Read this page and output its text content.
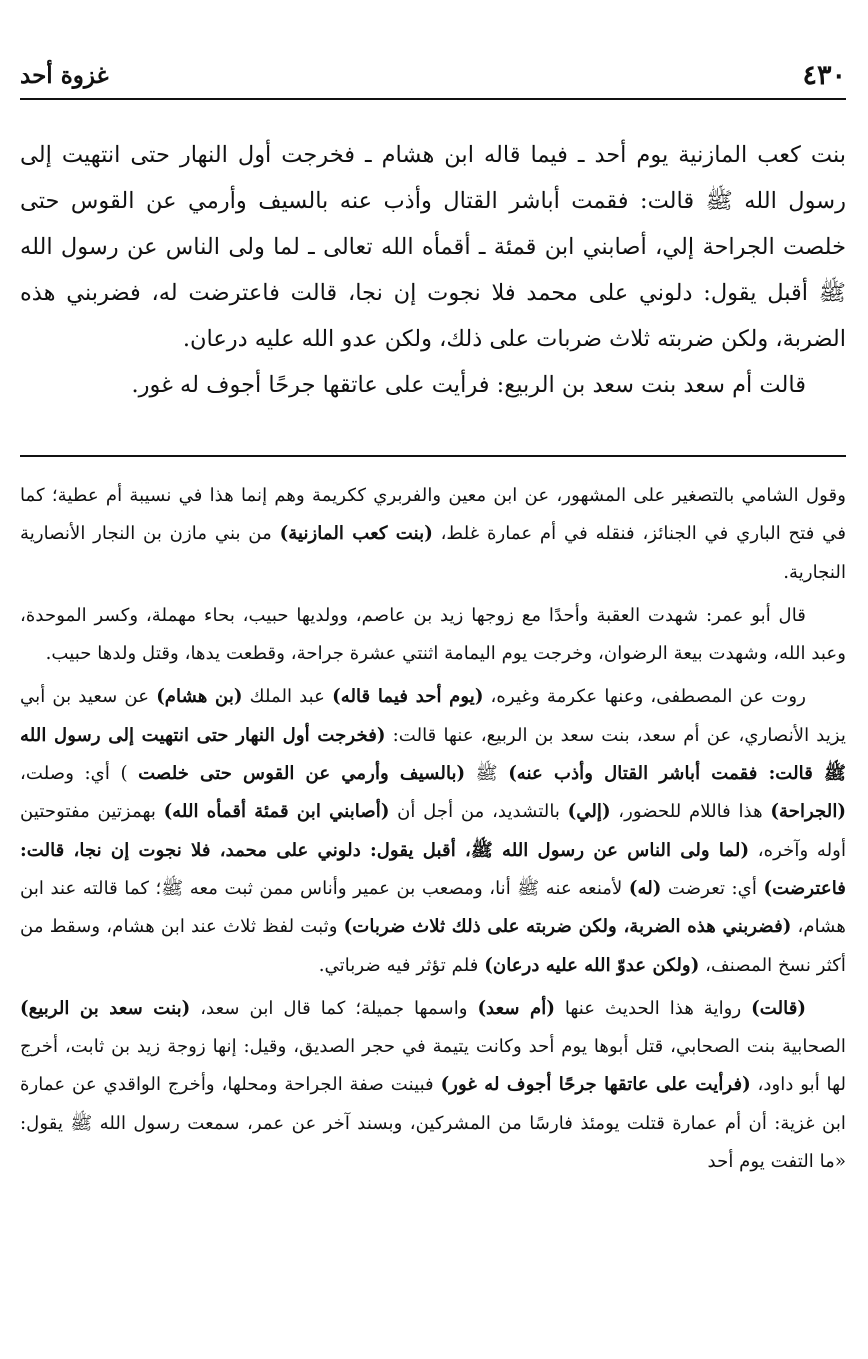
٤٣٠
غزوة أحد

بنت كعب المازنية يوم أحد ـ فيما قاله ابن هشام ـ فخرجت أول النهار حتى انتهيت إلى رسول الله ﷺ قالت: فقمت أباشر القتال وأذب عنه بالسيف وأرمي عن القوس حتى خلصت الجراحة إلي، أصابني ابن قمئة ـ أقمأه الله تعالى ـ لما ولى الناس عن رسول الله ﷺ أقبل يقول: دلوني على محمد فلا نجوت إن نجا، قالت فاعترضت له، فضربني هذه الضربة، ولكن ضربته ثلاث ضربات على ذلك، ولكن عدو الله عليه درعان.

قالت أم سعد بنت سعد بن الربيع: فرأيت على عاتقها جرحًا أجوف له غور.

وقول الشامي بالتصغير على المشهور، عن ابن معين والفربري ككريمة وهم إنما هذا في نسيبة أم عطية؛ كما في فتح الباري في الجنائز، فنقله في أم عمارة غلط، (بنت كعب المازنية) من بني مازن بن النجار الأنصارية النجارية.

قال أبو عمر: شهدت العقبة وأحدًا مع زوجها زيد بن عاصم، وولديها حبيب، بحاء مهملة، وكسر الموحدة، وعبد الله، وشهدت بيعة الرضوان، وخرجت يوم اليمامة اثنتي عشرة جراحة، وقطعت يدها، وقتل ولدها حبيب.

روت عن المصطفى، وعنها عكرمة وغيره، (يوم أحد فيما قاله) عبد الملك (بن هشام) عن سعيد بن أبي يزيد الأنصاري، عن أم سعد، بنت سعد بن الربيع، عنها قالت: (فخرجت أول النهار حتى انتهيت إلى رسول الله ﷺ قالت: فقمت أباشر القتال وأذب عنه) ﷺ (بالسيف وأرمي عن القوس حتى خلصت ) أي: وصلت، (الجراحة) هذا فاللام للحضور، (إلي) بالتشديد، من أجل أن (أصابني ابن قمئة أقمأه الله) بهمزتين مفتوحتين أوله وآخره، (لما ولى الناس عن رسول الله ﷺ، أقبل يقول: دلوني على محمد، فلا نجوت إن نجا، قالت: فاعترضت) أي: تعرضت (له) لأمنعه عنه ﷺ أنا، ومصعب بن عمير وأناس ممن ثبت معه ﷺ؛ كما قالته عند ابن هشام، (فضربني هذه الضربة، ولكن ضربته على ذلك ثلاث ضربات) وثبت لفظ ثلاث عند ابن هشام، وسقط من أكثر نسخ المصنف، (ولكن عدوّ الله عليه درعان) فلم تؤثر فيه ضرباتي.

(قالت) رواية هذا الحديث عنها (أم سعد) واسمها جميلة؛ كما قال ابن سعد، (بنت سعد بن الربيع) الصحابية بنت الصحابي، قتل أبوها يوم أحد وكانت يتيمة في حجر الصديق، وقيل: إنها زوجة زيد بن ثابت، أخرج لها أبو داود، (فرأيت على عاتقها جرحًا أجوف له غور) فبينت صفة الجراحة ومحلها، وأخرج الواقدي عن عمارة ابن غزية: أن أم عمارة قتلت يومئذ فارسًا من المشركين، وبسند آخر عن عمر، سمعت رسول الله ﷺ يقول: «ما التفت يوم أحد
